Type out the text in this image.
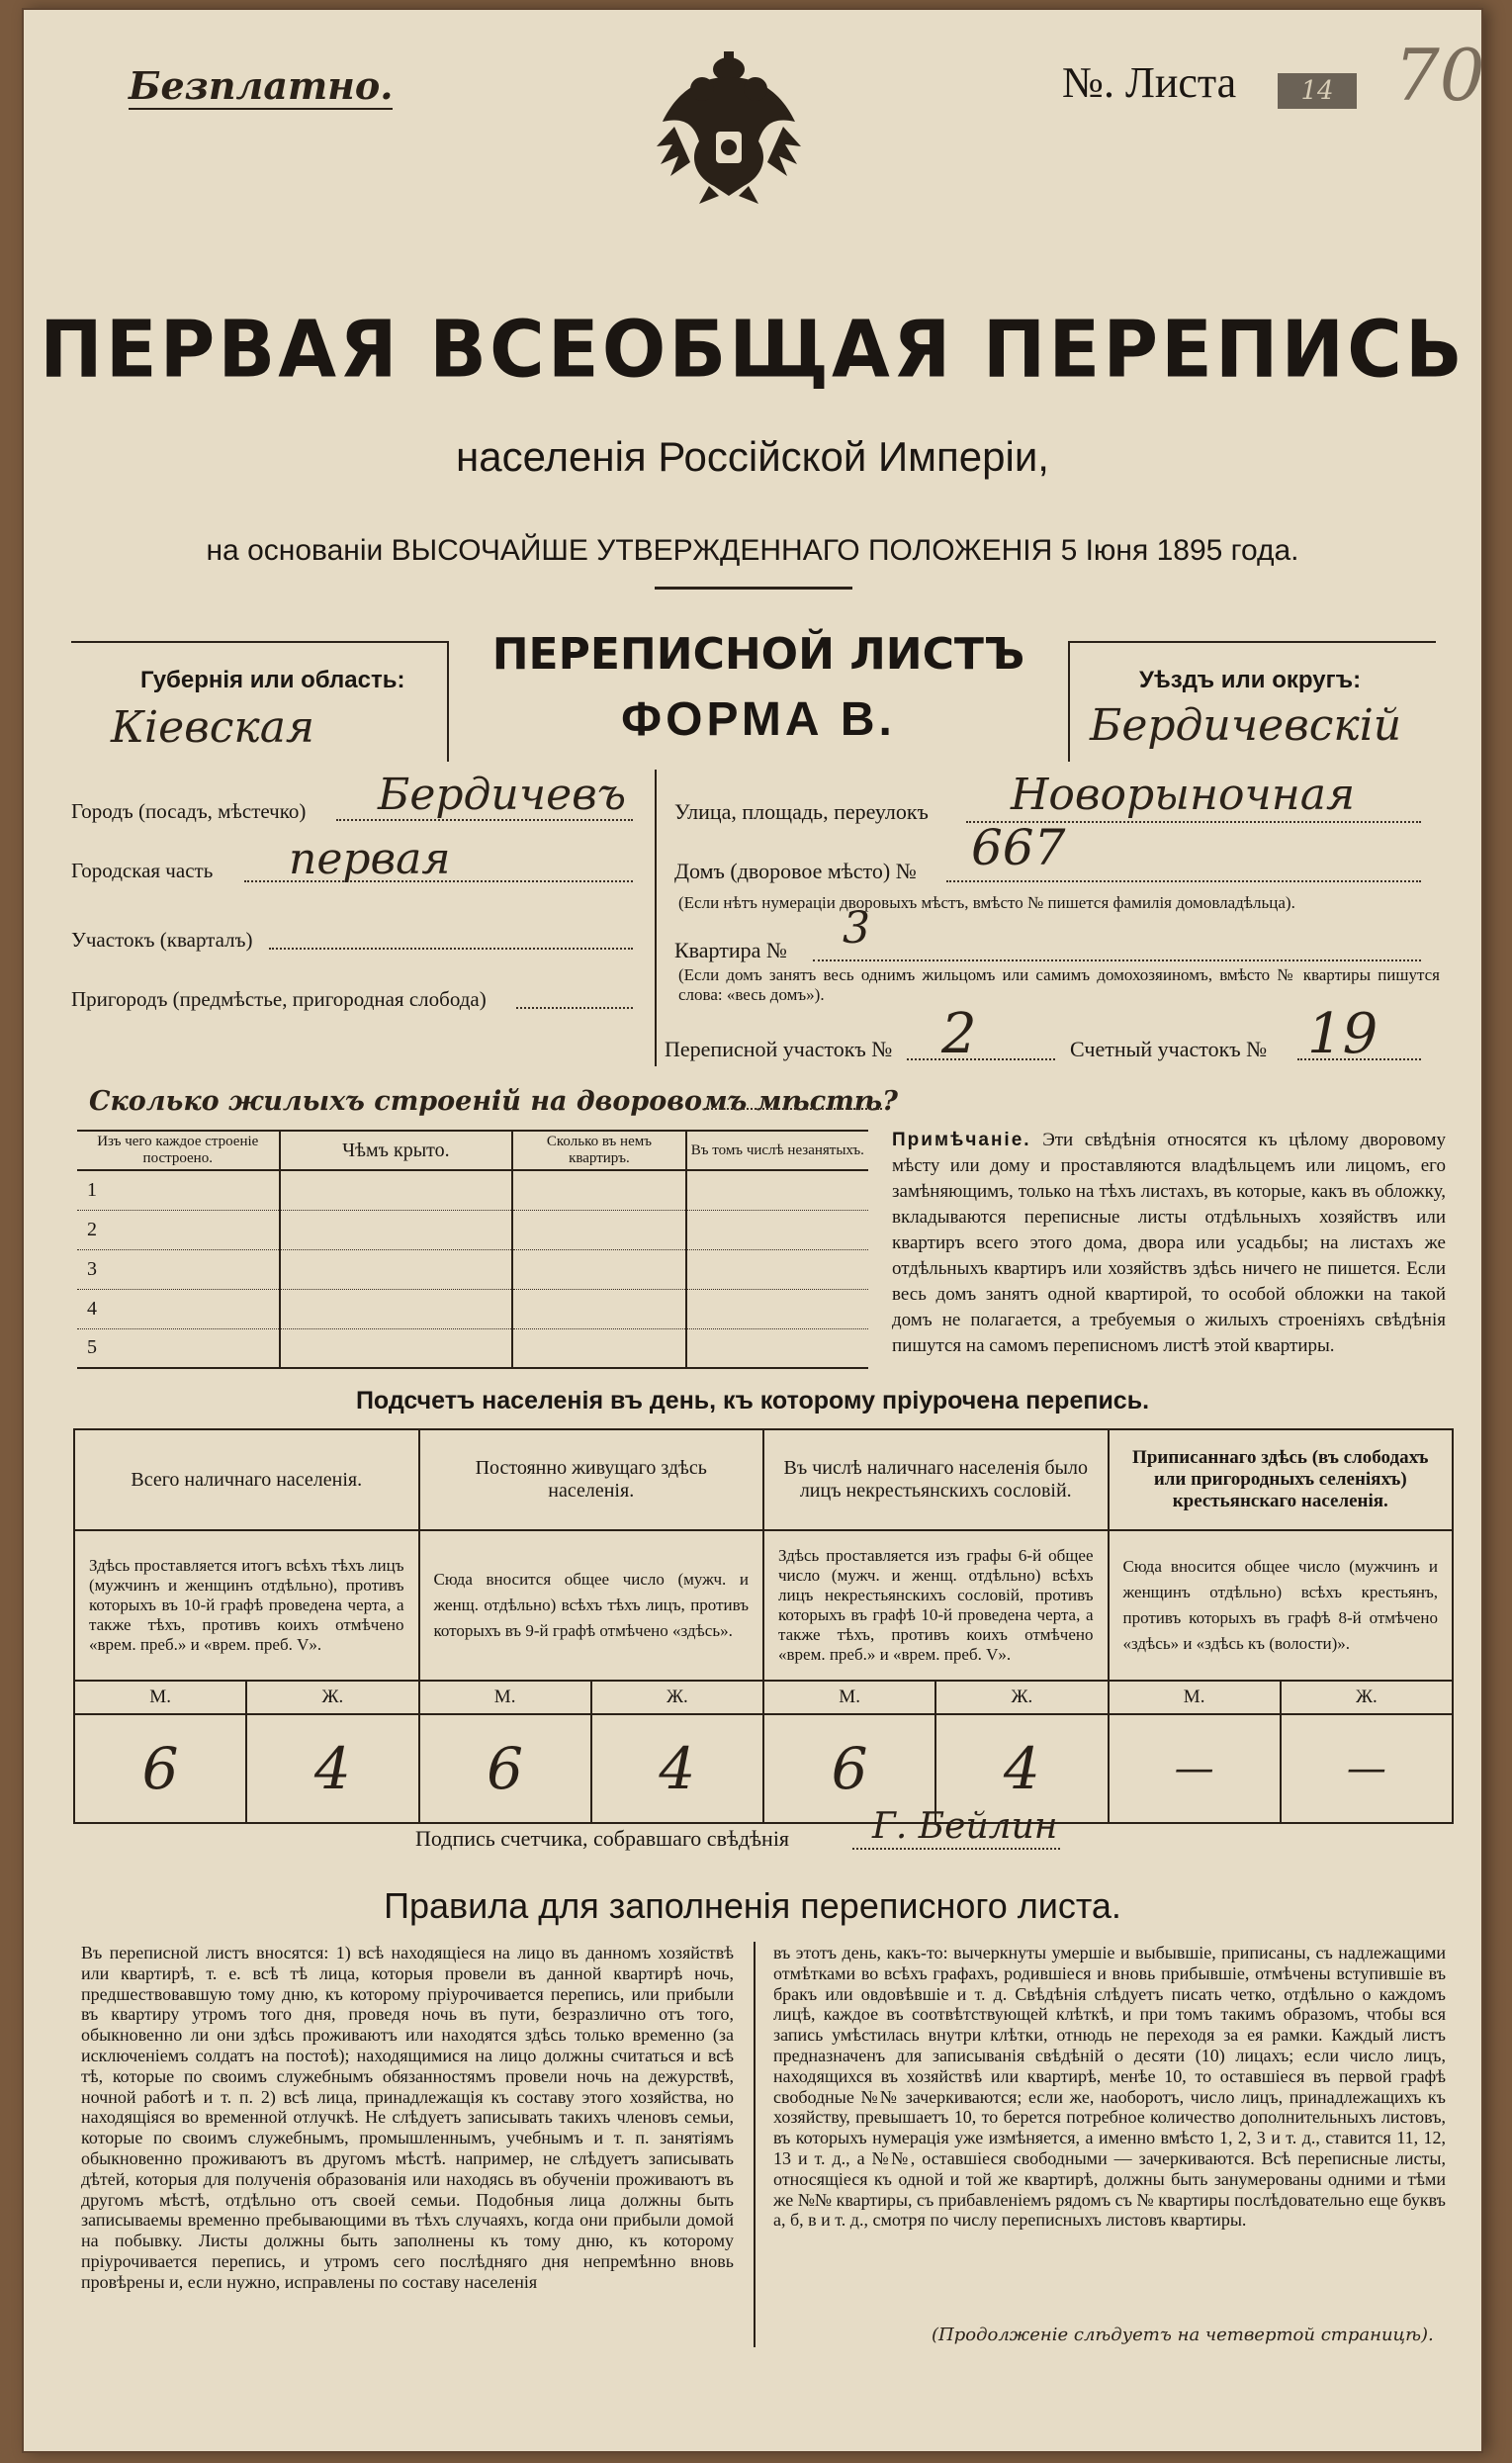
Безплатно.	№. Листа	14 70
ПЕРВАЯ ВСЕОБЩАЯ ПЕРЕПИСЬ
населенія Россійской Имперіи,
на основаніи ВЫСОЧАЙШЕ УТВЕРЖДЕННАГО ПОЛОЖЕНІЯ 5 Іюня 1895 года.
Губернія или область:
Кіевская
Уѣздъ или округъ:
Бердичевскій
ПЕРЕПИСНОЙ ЛИСТЪ
ФОРМА В.
Городъ (посадъ, мѣстечко) Бердичевъ
Городская часть первая
Участокъ (кварталъ)
Пригородъ (предмѣстье, пригородная слобода)
Улица, площадь, переулокъ Новорыночная
Домъ (дворовое мѣсто) № 667
(Если нѣтъ нумераціи дворовыхъ мѣстъ, вмѣсто № пишется фамилія домовладѣльца).
Квартира № 3
(Если домъ занятъ весь однимъ жильцомъ или самимъ домохозяиномъ, вмѣсто № квартиры пишутся слова: «весь домъ»).
Переписной участокъ № 2	Счетный участокъ № 19
Сколько жилыхъ строеній на дворовомъ мѣстѣ?
Изъ чего каждое строеніе построено.	Чѣмъ крыто.	Сколько въ немъ квартиръ.	Въ томъ числѣ незанятыхъ.
1			
2			
3			
4			
5			
Примѣчаніе. Эти свѣдѣнія относятся къ цѣлому дворовому мѣсту или дому и проставляются владѣльцемъ или лицомъ, его замѣняющимъ, только на тѣхъ листахъ, въ которые, какъ въ обложку, вкладываются переписные листы отдѣльныхъ хозяйствъ или квартиръ всего этого дома, двора или усадьбы; на листахъ же отдѣльныхъ квартиръ или хозяйствъ здѣсь ничего не пишется. Если весь домъ занятъ одной квартирой, то особой обложки на такой домъ не полагается, а требуемыя о жилыхъ строеніяхъ свѣдѣнія пишутся на самомъ переписномъ листѣ этой квартиры.
Подсчетъ населенія въ день, къ которому пріурочена перепись.
Всего наличнаго населенія.		Постоянно живущаго здѣсь населенія.		Въ числѣ наличнаго населенія было лицъ некрестьянскихъ сословій.		Приписаннаго здѣсь (въ слободахъ или пригородныхъ селеніяхъ) крестьянскаго населенія.	
Здѣсь проставляется итогъ всѣхъ тѣхъ лицъ (мужчинъ и женщинъ отдѣльно), противъ которыхъ въ 10-й графѣ проведена черта, а также тѣхъ, противъ коихъ отмѣчено «врем. преб.» и «врем. преб. V».		Сюда вносится общее число (мужч. и женщ. отдѣльно) всѣхъ тѣхъ лицъ, противъ которыхъ въ 9-й графѣ отмѣчено «здѣсь».		Здѣсь проставляется изъ графы 6-й общее число (мужч. и женщ. отдѣльно) всѣхъ лицъ некрестьянскихъ сословій, противъ которыхъ въ графѣ 10-й проведена черта, а также тѣхъ, противъ коихъ отмѣчено «врем. преб.» и «врем. преб. V».		Сюда вносится общее число (мужчинъ и женщинъ отдѣльно) всѣхъ крестьянъ, противъ которыхъ въ графѣ 8-й отмѣчено «здѣсь» и «здѣсь къ (волости)».	
М.	Ж.	М.	Ж.	М.	Ж.	М.	Ж.
6	4	6	4	6	4	—	—
Подпись счетчика, собравшаго свѣдѣнія Г. Бейлин
Правила для заполненія переписного листа.
Въ переписной листъ вносятся: 1) всѣ находящіеся на лицо въ данномъ хозяйствѣ или квартирѣ, т. е. всѣ тѣ лица, которыя провели въ данной квартирѣ ночь, предшествовавшую тому дню, къ которому пріурочивается перепись, или прибыли въ квартиру утромъ того дня, проведя ночь въ пути, безразлично отъ того, обыкновенно ли они здѣсь проживаютъ или находятся здѣсь только временно (за исключеніемъ солдатъ на постоѣ); находящимися на лицо должны считаться и всѣ тѣ, которые по своимъ служебнымъ обязанностямъ провели ночь на дежурствѣ, ночной работѣ и т. п. 2) всѣ лица, принадлежащія къ составу этого хозяйства, но находящіяся во временной отлучкѣ. Не слѣдуетъ записывать такихъ членовъ семьи, которые по своимъ служебнымъ, промышленнымъ, учебнымъ и т. п. занятіямъ обыкновенно проживаютъ въ другомъ мѣстѣ. например, не слѣдуетъ записывать дѣтей, которыя для полученія образованія или находясь въ обученіи проживаютъ въ другомъ мѣстѣ, отдѣльно отъ своей семьи. Подобныя лица должны быть записываемы временно пребывающими въ тѣхъ случаяхъ, когда они прибыли домой на побывку. Листы должны быть заполнены къ тому дню, къ которому пріурочивается перепись, и утромъ сего послѣдняго дня непремѣнно вновь провѣрены и, если нужно, исправлены по составу населенія
въ этотъ день, какъ-то: вычеркнуты умершіе и выбывшіе, приписаны, съ надлежащими отмѣтками во всѣхъ графахъ, родившіеся и вновь прибывшіе, отмѣчены вступившіе въ бракъ или овдовѣвшіе и т. д. Свѣдѣнія слѣдуетъ писать четко, отдѣльно о каждомъ лицѣ, каждое въ соотвѣтствующей клѣткѣ, и при томъ такимъ образомъ, чтобы вся запись умѣстилась внутри клѣтки, отнюдь не переходя за ея рамки. Каждый листъ предназначенъ для записыванія свѣдѣній о десяти (10) лицахъ; если число лицъ, находящихся въ хозяйствѣ или квартирѣ, менѣе 10, то оставшіеся въ первой графѣ свободные №№ зачеркиваются; если же, наоборотъ, число лицъ, принадлежащихъ къ хозяйству, превышаетъ 10, то берется потребное количество дополнительныхъ листовъ, въ которыхъ нумерація уже измѣняется, а именно вмѣсто 1, 2, 3 и т. д., ставится 11, 12, 13 и т. д., а №№, оставшіеся свободными — зачеркиваются. Всѣ переписные листы, относящіеся къ одной и той же квартирѣ, должны быть занумерованы одними и тѣми же №№ квартиры, съ прибавленіемъ рядомъ съ № квартиры послѣдовательно еще буквъ а, б, в и т. д., смотря по числу переписныхъ листовъ квартиры.
(Продолженіе слѣдуетъ на четвертой страницѣ).
